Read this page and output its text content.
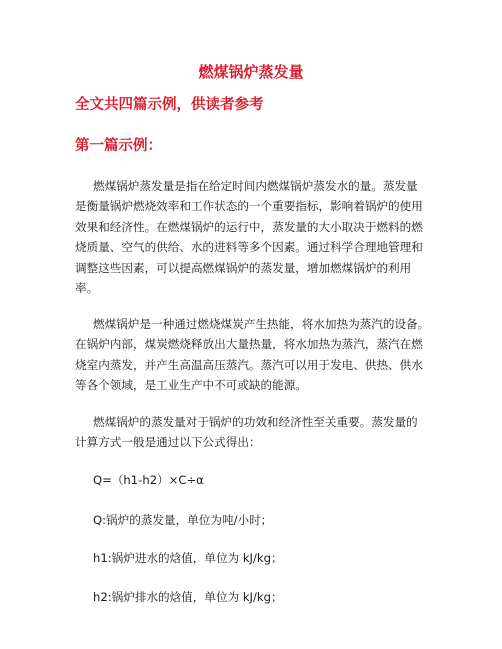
燃煤锅炉蒸发量
全文共四篇示例，供读者参考
第一篇示例：
燃煤锅炉蒸发量是指在给定时间内燃煤锅炉蒸发水的量。蒸发量
是衡量锅炉燃烧效率和工作状态的一个重要指标，影响着锅炉的使用
效果和经济性。在燃煤锅炉的运行中，蒸发量的大小取决于燃料的燃
烧质量、空气的供给、水的进料等多个因素。通过科学合理地管理和
调整这些因素，可以提高燃煤锅炉的蒸发量，增加燃煤锅炉的利用
率。
燃煤锅炉是一种通过燃烧煤炭产生热能，将水加热为蒸汽的设备。
在锅炉内部，煤炭燃烧释放出大量热量，将水加热为蒸汽，蒸汽在燃
烧室内蒸发，并产生高温高压蒸汽。蒸汽可以用于发电、供热、供水
等各个领域，是工业生产中不可或缺的能源。
燃煤锅炉的蒸发量对于锅炉的功效和经济性至关重要。蒸发量的
计算方式一般是通过以下公式得出：
Q=（h1-h2）×C÷α
Q:锅炉的蒸发量，单位为吨/小时；
h1:锅炉进水的焓值，单位为 kJ/kg；
h2:锅炉排水的焓值，单位为 kJ/kg；
